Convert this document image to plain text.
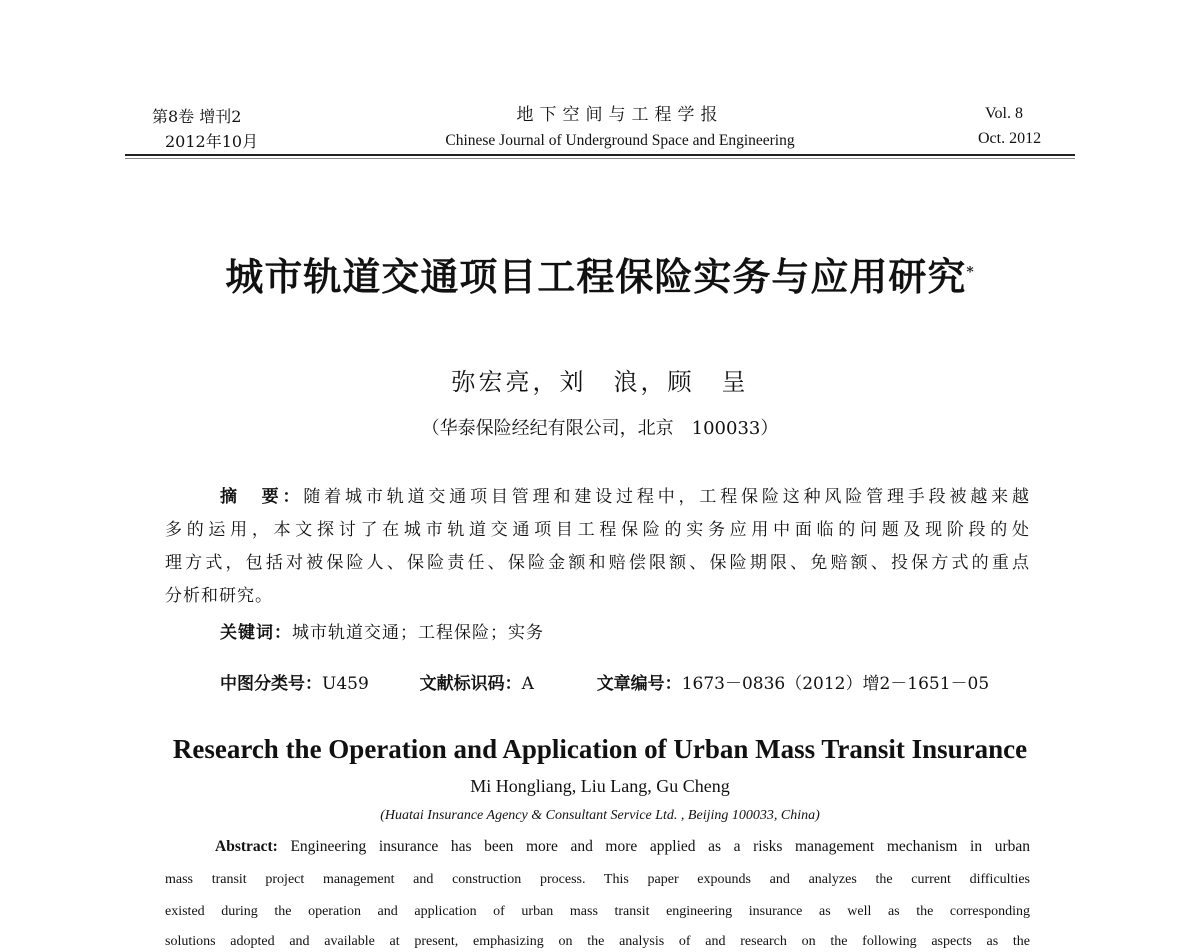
第8卷 增刊2
2012年10月
地下空间与工程学报
Chinese Journal of Underground Space and Engineering
Vol. 8
Oct. 2012
城市轨道交通项目工程保险实务与应用研究*
弥宏亮，刘　浪，顾　呈
（华泰保险经纪有限公司，北京　100033）
摘　要：随着城市轨道交通项目管理和建设过程中，工程保险这种风险管理手段被越来越
多的运用，本文探讨了在城市轨道交通项目工程保险的实务应用中面临的问题及现阶段的处
理方式，包括对被保险人、保险责任、保险金额和赔偿限额、保险期限、免赔额、投保方式的重点
分析和研究。
关键词：城市轨道交通；工程保险；实务
中图分类号：U459	文献标识码：A	文章编号：1673－0836（2012）增2－1651－05
Research the Operation and Application of Urban Mass Transit Insurance
Mi Hongliang, Liu Lang, Gu Cheng
(Huatai Insurance Agency & Consultant Service Ltd. , Beijing 100033, China)
Abstract: Engineering insurance has been more and more applied as a risks management mechanism in urban
mass transit project management and construction process. This paper expounds and analyzes the current difficulties
existed during the operation and application of urban mass transit engineering insurance as well as the corresponding
solutions adopted and available at present, emphasizing on the analysis of and research on the following aspects as the
